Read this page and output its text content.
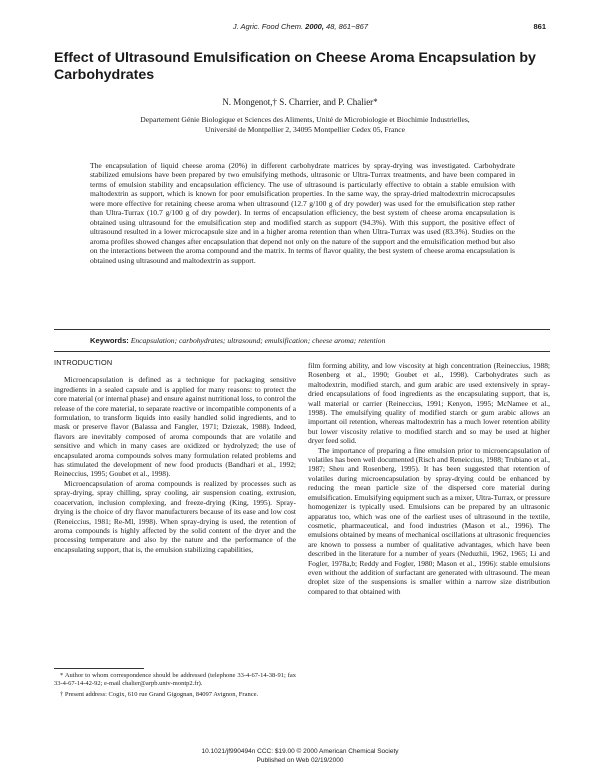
J. Agric. Food Chem. 2000, 48, 861−867	861
Effect of Ultrasound Emulsification on Cheese Aroma Encapsulation by Carbohydrates
N. Mongenot,† S. Charrier, and P. Chalier*
Departement Génie Biologique et Sciences des Aliments, Unité de Microbiologie et Biochimie Industrielles,
Université de Montpellier 2, 34095 Montpellier Cedex 05, France

The encapsulation of liquid cheese aroma (20%) in different carbohydrate matrices by spray-drying was investigated. Carbohydrate stabilized emulsions have been prepared by two emulsifying methods, ultrasonic or Ultra-Turrax treatments, and have been compared in terms of emulsion stability and encapsulation efficiency. The use of ultrasound is particularly effective to obtain a stable emulsion with maltodextrin as support, which is known for poor emulsification properties. In the same way, the spray-dried maltodextrin microcapsules were more effective for retaining cheese aroma when ultrasound (12.7 g/100 g of dry powder) was used for the emulsification step rather than Ultra-Turrax (10.7 g/100 g of dry powder). In terms of encapsulation efficiency, the best system of cheese aroma encapsulation is obtained using ultrasound for the emulsification step and modified starch as support (94.3%). With this support, the positive effect of ultrasound resulted in a lower microcapsule size and in a higher aroma retention than when Ultra-Turrax was used (83.3%). Studies on the aroma profiles showed changes after encapsulation that depend not only on the nature of the support and the emulsification method but also on the interactions between the aroma compound and the matrix. In terms of flavor quality, the best system of cheese aroma encapsulation is obtained using ultrasound and maltodextrin as support.

Keywords: Encapsulation; carbohydrates; ultrasound; emulsification; cheese aroma; retention
INTRODUCTION

Microencapsulation is defined as a technique for packaging sensitive ingredients in a sealed capsule and is applied for many reasons: to protect the core material (or internal phase) and ensure against nutritional loss, to control the release of the core material, to separate reactive or incompatible components of a formulation, to transform liquids into easily handled solid ingredients, and to mask or preserve flavor (Balassa and Fangler, 1971; Dziezak, 1988). Indeed, flavors are inevitably composed of aroma compounds that are volatile and sensitive and which in many cases are oxidized or hydrolyzed; the use of encapsulated aroma compounds solves many formulation related problems and has stimulated the development of new food products (Bandhari et al., 1992; Reineccius, 1995; Goubet et al., 1998).

Microencapsulation of aroma compounds is realized by processes such as spray-drying, spray chilling, spray cooling, air suspension coating, extrusion, coacervation, inclusion complexing, and freeze-drying (King, 1995). Spray-drying is the choice of dry flavor manufacturers because of its ease and low cost (Reneiccius, 1981; Re-Ml, 1998). When spray-drying is used, the retention of aroma compounds is highly affected by the solid content of the dryer and the processing temperature and also by the nature and the performance of the encapsulating support, that is, the emulsion stabilizing capabilities,

film forming ability, and low viscosity at high concentration (Reineccius, 1988; Rosenberg et al., 1990; Goubet et al., 1998). Carbohydrates such as maltodextrin, modified starch, and gum arabic are used extensively in spray-dried encapsulations of food ingredients as the encapsulating support, that is, wall material or carrier (Reineccius, 1991; Kenyon, 1995; McNamee et al., 1998). The emulsifying quality of modified starch or gum arabic allows an important oil retention, whereas maltodextrin has a much lower retention ability but lower viscosity relative to modified starch and so may be used at higher dryer feed solid.

The importance of preparing a fine emulsion prior to microencapsulation of volatiles has been well documented (Risch and Reneiccius, 1988; Trubiano et al., 1987; Sheu and Rosenberg, 1995). It has been suggested that retention of volatiles during microencapsulation by spray-drying could be enhanced by reducing the mean particle size of the dispersed core material during emulsification. Emulsifying equipment such as a mixer, Ultra-Turrax, or pressure homogenizer is typically used. Emulsions can be prepared by an ultrasonic apparatus too, which was one of the earliest uses of ultrasound in the textile, cosmetic, pharmaceutical, and food industries (Mason et al., 1996). The emulsions obtained by means of mechanical oscillations at ultrasonic frequencies are known to possess a number of qualitative advantages, which have been described in the literature for a number of years (Neduzhii, 1962, 1965; Li and Fogler, 1978a,b; Reddy and Fogler, 1980; Mason et al., 1996): stable emulsions even without the addition of surfactant are generated with ultrasound. The mean droplet size of the suspensions is smaller within a narrow size distribution compared to that obtained with

* Author to whom correspondence should be addressed (telephone 33-4-67-14-38-91; fax 33-4-67-14-42-92; e-mail chalier@arpb.univ-montp2.fr).

† Present address: Cogix, 610 rue Grand Gigognan, 84097 Avignon, France.

10.1021/jf990494n CCC: $19.00 © 2000 American Chemical Society
Published on Web 02/19/2000
